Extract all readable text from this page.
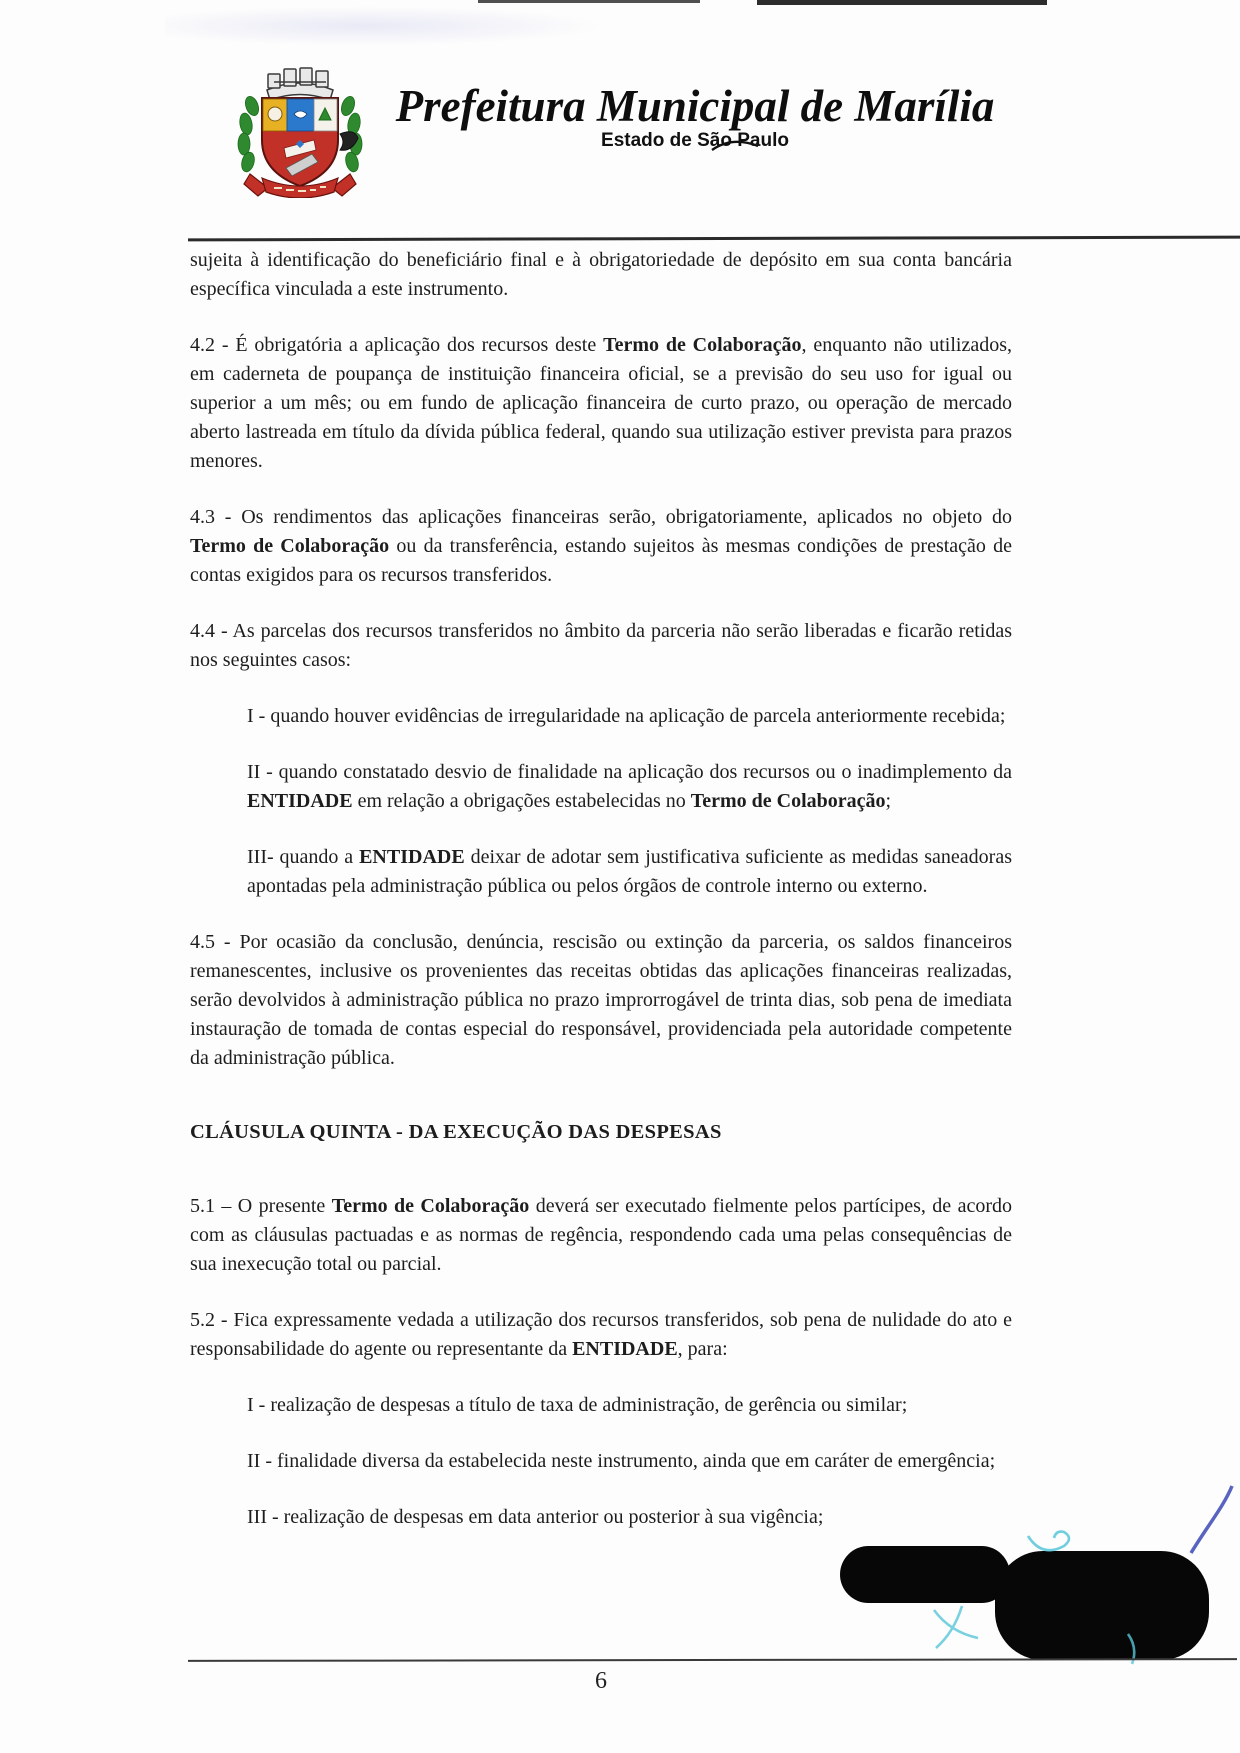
Prefeitura Municipal de Marília
Estado de São Paulo

sujeita à identificação do beneficiário final e à obrigatoriedade de depósito em sua conta bancária específica vinculada a este instrumento.

4.2 - É obrigatória a aplicação dos recursos deste Termo de Colaboração, enquanto não utilizados, em caderneta de poupança de instituição financeira oficial, se a previsão do seu uso for igual ou superior a um mês; ou em fundo de aplicação financeira de curto prazo, ou operação de mercado aberto lastreada em título da dívida pública federal, quando sua utilização estiver prevista para prazos menores.

4.3 - Os rendimentos das aplicações financeiras serão, obrigatoriamente, aplicados no objeto do Termo de Colaboração ou da transferência, estando sujeitos às mesmas condições de prestação de contas exigidos para os recursos transferidos.

4.4 - As parcelas dos recursos transferidos no âmbito da parceria não serão liberadas e ficarão retidas nos seguintes casos:

I - quando houver evidências de irregularidade na aplicação de parcela anteriormente recebida;

II - quando constatado desvio de finalidade na aplicação dos recursos ou o inadimplemento da ENTIDADE em relação a obrigações estabelecidas no Termo de Colaboração;

III- quando a ENTIDADE deixar de adotar sem justificativa suficiente as medidas saneadoras apontadas pela administração pública ou pelos órgãos de controle interno ou externo.

4.5 - Por ocasião da conclusão, denúncia, rescisão ou extinção da parceria, os saldos financeiros remanescentes, inclusive os provenientes das receitas obtidas das aplicações financeiras realizadas, serão devolvidos à administração pública no prazo improrrogável de trinta dias, sob pena de imediata instauração de tomada de contas especial do responsável, providenciada pela autoridade competente da administração pública.

CLÁUSULA QUINTA - DA EXECUÇÃO DAS DESPESAS

5.1 – O presente Termo de Colaboração deverá ser executado fielmente pelos partícipes, de acordo com as cláusulas pactuadas e as normas de regência, respondendo cada uma pelas consequências de sua inexecução total ou parcial.

5.2 - Fica expressamente vedada a utilização dos recursos transferidos, sob pena de nulidade do ato e responsabilidade do agente ou representante da ENTIDADE, para:

I - realização de despesas a título de taxa de administração, de gerência ou similar;

II - finalidade diversa da estabelecida neste instrumento, ainda que em caráter de emergência;

III - realização de despesas em data anterior ou posterior à sua vigência;

6
